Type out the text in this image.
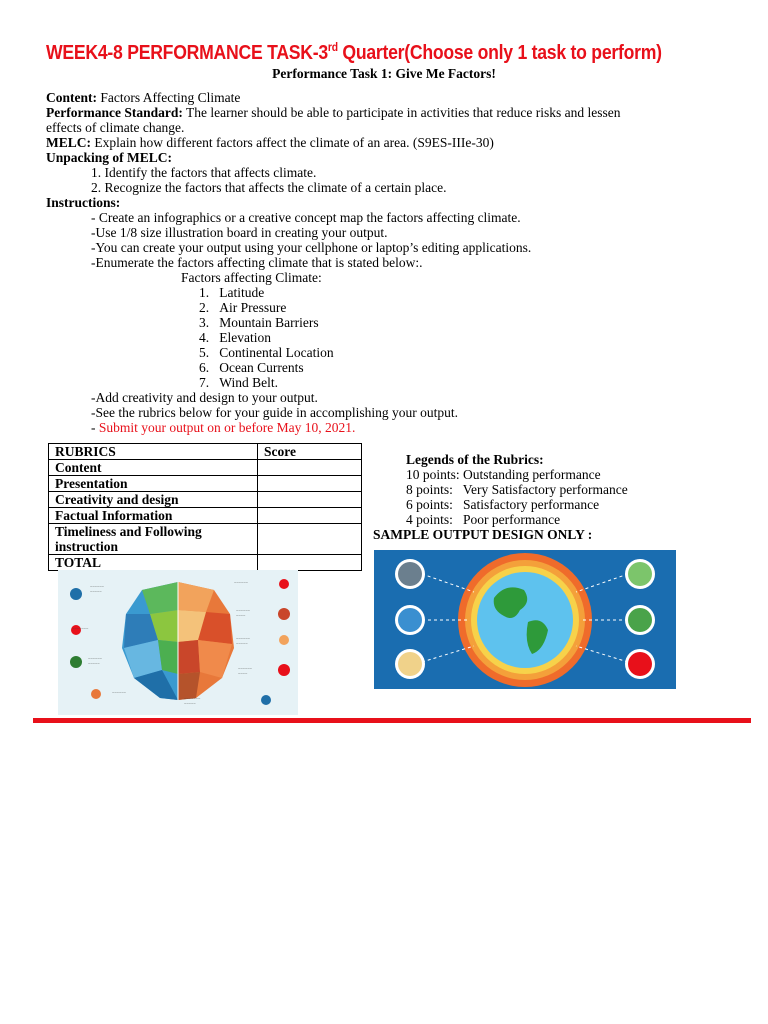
WEEK4-8 PERFORMANCE TASK-3rd Quarter(Choose only 1 task to perform)
Performance Task 1: Give Me Factors!
Content: Factors Affecting Climate
Performance Standard: The learner should be able to participate in activities that reduce risks and lessen
effects of climate change.
MELC: Explain how different factors affect the climate of an area. (S9ES-IIIe-30)
Unpacking of MELC:
1. Identify the factors that affects climate.
2. Recognize the factors that affects the climate of a certain place.
Instructions:
- Create an infographics or a creative concept map the factors affecting climate.
-Use 1/8 size illustration board in creating your output.
-You can create your output using your cellphone or laptop’s editing applications.
-Enumerate the factors affecting climate that is stated below:.
Factors affecting Climate:
1.   Latitude
2.   Air Pressure
3.   Mountain Barriers
4.   Elevation
5.   Continental Location
6.   Ocean Currents
7.   Wind Belt.
-Add creativity and design to your output.
-See the rubrics below for your guide in accomplishing your output.
- Submit your output on or before May 10, 2021.
RUBRICS	Score
Content	
Presentation	
Creativity and design	
Factual Information	
Timeliness and Following	
instruction	
TOTAL	
Legends of the Rubrics:
10 points: Outstanding performance
8 points:   Very Satisfactory performance
6 points:   Satisfactory performance
4 points:   Poor performance
SAMPLE OUTPUT DESIGN ONLY :
~~~~~~
~~~~~
~~~~~~~
~~~~~~
~~~~~
~~~~~~
~~~~~~
~~~~~~
~~~~
~~~~~~
~~~~~
~~~~~~
~~~~
~~~~~~~
~~~~~
